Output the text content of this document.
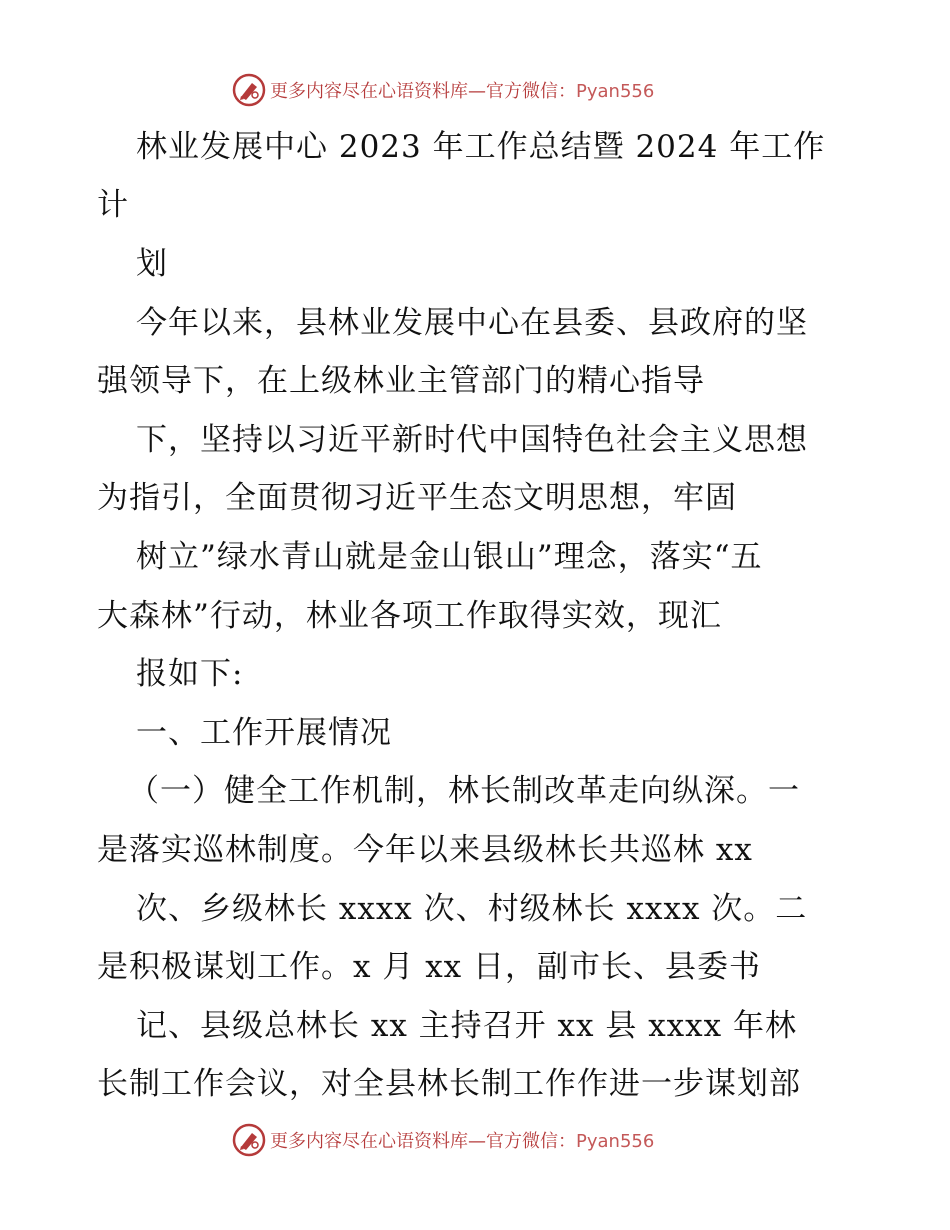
更多内容尽在心语资料库—官方微信：Pyan556
林业发展中心 2023 年工作总结暨 2024 年工作
计
划
今年以来，县林业发展中心在县委、县政府的坚
强领导下，在上级林业主管部门的精心指导
下，坚持以习近平新时代中国特色社会主义思想
为指引，全面贯彻习近平生态文明思想，牢固
树立”绿水青山就是金山银山”理念，落实“五
大森林”行动，林业各项工作取得实效，现汇
报如下:
一、工作开展情况
（一）健全工作机制，林长制改革走向纵深。一
是落实巡林制度。今年以来县级林长共巡林 xx
次、乡级林长 xxxx 次、村级林长 xxxx 次。二
是积极谋划工作。x 月 xx 日，副市长、县委书
记、县级总林长 xx 主持召开 xx 县 xxxx 年林
长制工作会议，对全县林长制工作作进一步谋划部
更多内容尽在心语资料库—官方微信：Pyan556
